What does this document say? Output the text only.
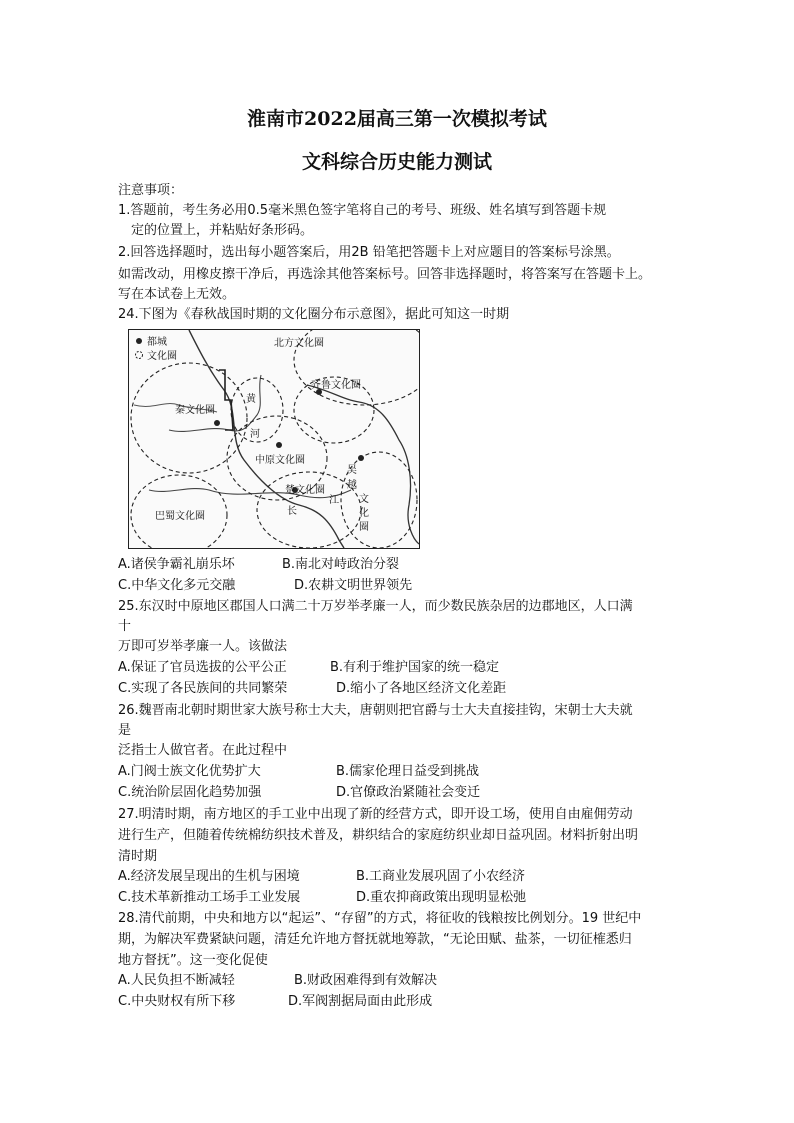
淮南市2022届高三第一次模拟考试
文科综合历史能力测试
注意事项：
1.答题前，考生务必用0.5毫米黑色签字笔将自己的考号、班级、姓名填写到答题卡规
定的位置上，并粘贴好条形码。
2.回答选择题时，选出每小题答案后，用2B 铅笔把答题卡上对应题目的答案标号涂黑。
如需改动，用橡皮擦干净后，再选涂其他答案标号。回答非选择题时，将答案写在答题卡上。
写在本试卷上无效。
24.下图为《春秋战国时期的文化圈分布示意图》，据此可知这一时期
都城
文化圈
北方文化圈
秦文化圈
齐鲁文化圈
中原文化圈
楚文化圈
巴蜀文化圈
吴
越
文
化
圈
黄
河
江
长
A.诸侯争霸礼崩乐坏	B.南北对峙政治分裂
C.中华文化多元交融	D.农耕文明世界领先
25.东汉时中原地区郡国人口满二十万岁举孝廉一人，而少数民族杂居的边郡地区，人口满
十
万即可岁举孝廉一人。该做法
A.保证了官员选拔的公平公正	B.有利于维护国家的统一稳定
C.实现了各民族间的共同繁荣	D.缩小了各地区经济文化差距
26.魏晋南北朝时期世家大族号称士大夫，唐朝则把官爵与士大夫直接挂钩，宋朝士大夫就
是
泛指士人做官者。在此过程中
A.门阀士族文化优势扩大	B.儒家伦理日益受到挑战
C.统治阶层固化趋势加强	D.官僚政治紧随社会变迁
27.明清时期，南方地区的手工业中出现了新的经营方式，即开设工场，使用自由雇佣劳动
进行生产，但随着传统棉纺织技术普及，耕织结合的家庭纺织业却日益巩固。材料折射出明
清时期
A.经济发展呈现出的生机与困境	B.工商业发展巩固了小农经济
C.技术革新推动工场手工业发展	D.重农抑商政策出现明显松弛
28.清代前期，中央和地方以“起运”、“存留”的方式，将征收的钱粮按比例划分。19 世纪中
期，为解决军费紧缺问题，清廷允许地方督抚就地筹款，“无论田赋、盐茶，一切征榷悉归
地方督抚”。这一变化促使
A.人民负担不断减轻	B.财政困难得到有效解决
C.中央财权有所下移	D.军阀割据局面由此形成
